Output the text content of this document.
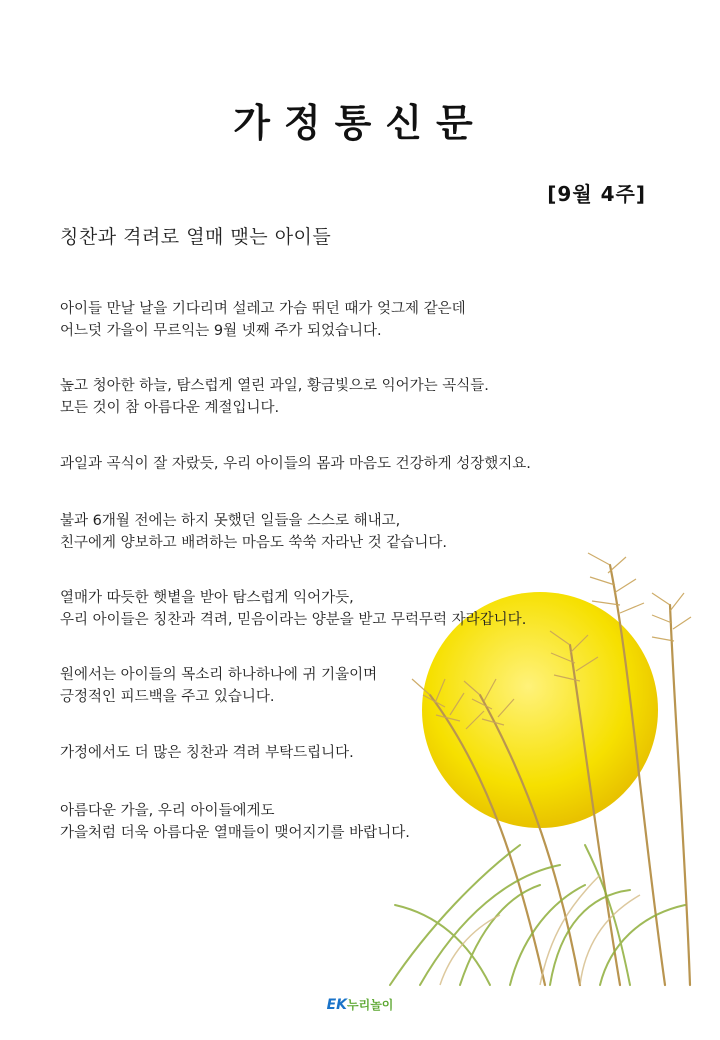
가정통신문
[9월 4주]
칭찬과 격려로 열매 맺는 아이들

아이들 만날 날을 기다리며 설레고 가슴 뛰던 때가 엊그제 같은데
어느덧 가을이 무르익는 9월 넷째 주가 되었습니다.

높고 청아한 하늘, 탐스럽게 열린 과일, 황금빛으로 익어가는 곡식들.
모든 것이 참 아름다운 계절입니다.

과일과 곡식이 잘 자랐듯, 우리 아이들의 몸과 마음도 건강하게 성장했지요.

불과 6개월 전에는 하지 못했던 일들을 스스로 해내고,
친구에게 양보하고 배려하는 마음도 쑥쑥 자라난 것 같습니다.

열매가 따듯한 햇볕을 받아 탐스럽게 익어가듯,
우리 아이들은 칭찬과 격려, 믿음이라는 양분을 받고 무럭무럭 자라갑니다.

원에서는 아이들의 목소리 하나하나에 귀 기울이며
긍정적인 피드백을 주고 있습니다.

가정에서도 더 많은 칭찬과 격려 부탁드립니다.

아름다운 가을, 우리 아이들에게도
가을처럼 더욱 아름다운 열매들이 맺어지기를 바랍니다.

EK누리놀이
